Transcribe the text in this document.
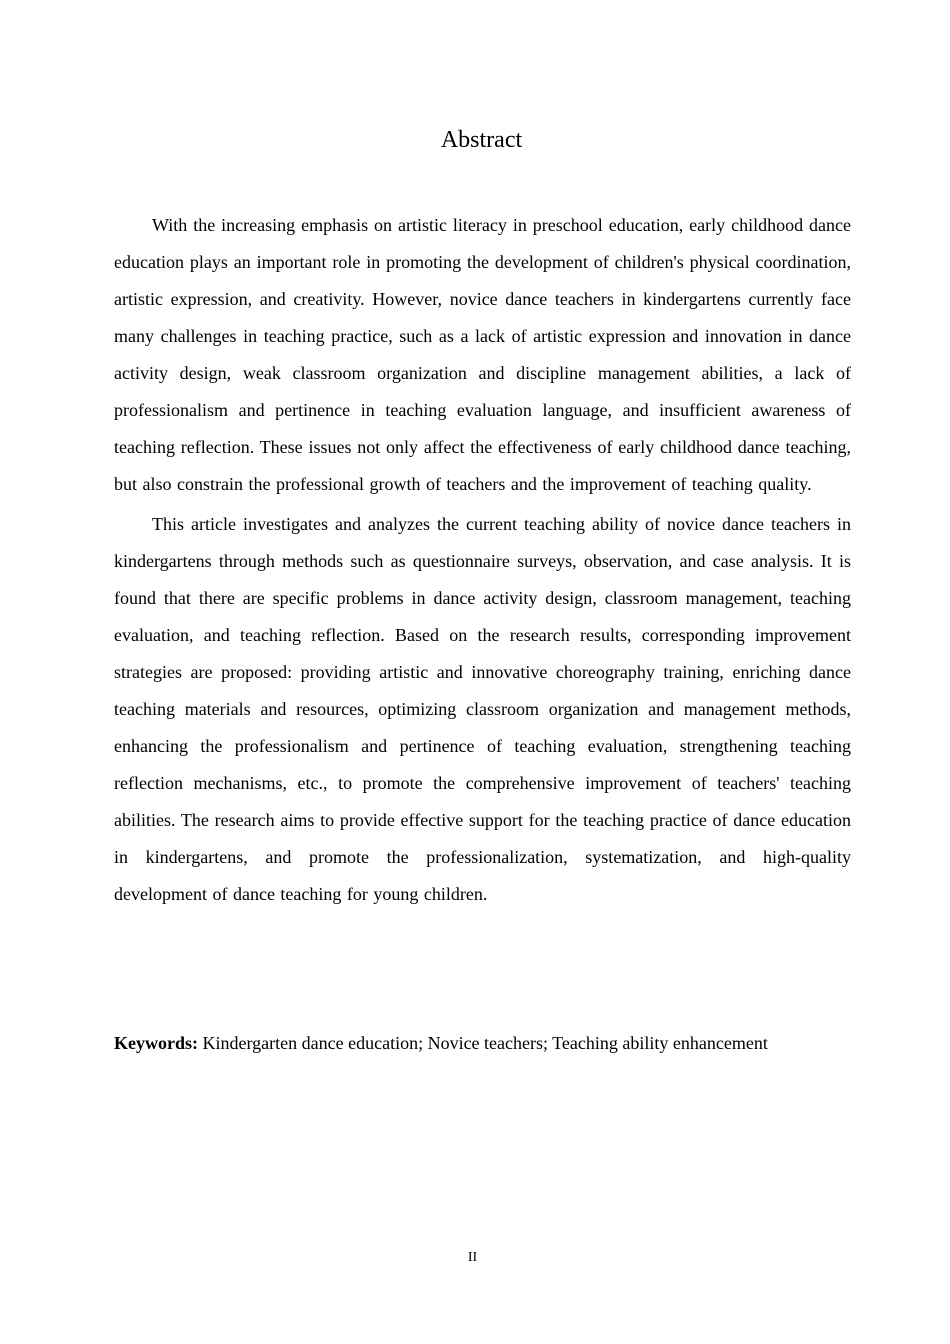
Abstract

With the increasing emphasis on artistic literacy in preschool education, early childhood dance education plays an important role in promoting the development of children's physical coordination, artistic expression, and creativity. However, novice dance teachers in kindergartens currently face many challenges in teaching practice, such as a lack of artistic expression and innovation in dance activity design, weak classroom organization and discipline management abilities, a lack of professionalism and pertinence in teaching evaluation language, and insufficient awareness of teaching reflection. These issues not only affect the effectiveness of early childhood dance teaching, but also constrain the professional growth of teachers and the improvement of teaching quality.

This article investigates and analyzes the current teaching ability of novice dance teachers in kindergartens through methods such as questionnaire surveys, observation, and case analysis. It is found that there are specific problems in dance activity design, classroom management, teaching evaluation, and teaching reflection. Based on the research results, corresponding improvement strategies are proposed: providing artistic and innovative choreography training, enriching dance teaching materials and resources, optimizing classroom organization and management methods, enhancing the professionalism and pertinence of teaching evaluation, strengthening teaching reflection mechanisms, etc., to promote the comprehensive improvement of teachers' teaching abilities. The research aims to provide effective support for the teaching practice of dance education in kindergartens, and promote the professionalization, systematization, and high-quality development of dance teaching for young children.

Keywords: Kindergarten dance education; Novice teachers; Teaching ability enhancement
II
